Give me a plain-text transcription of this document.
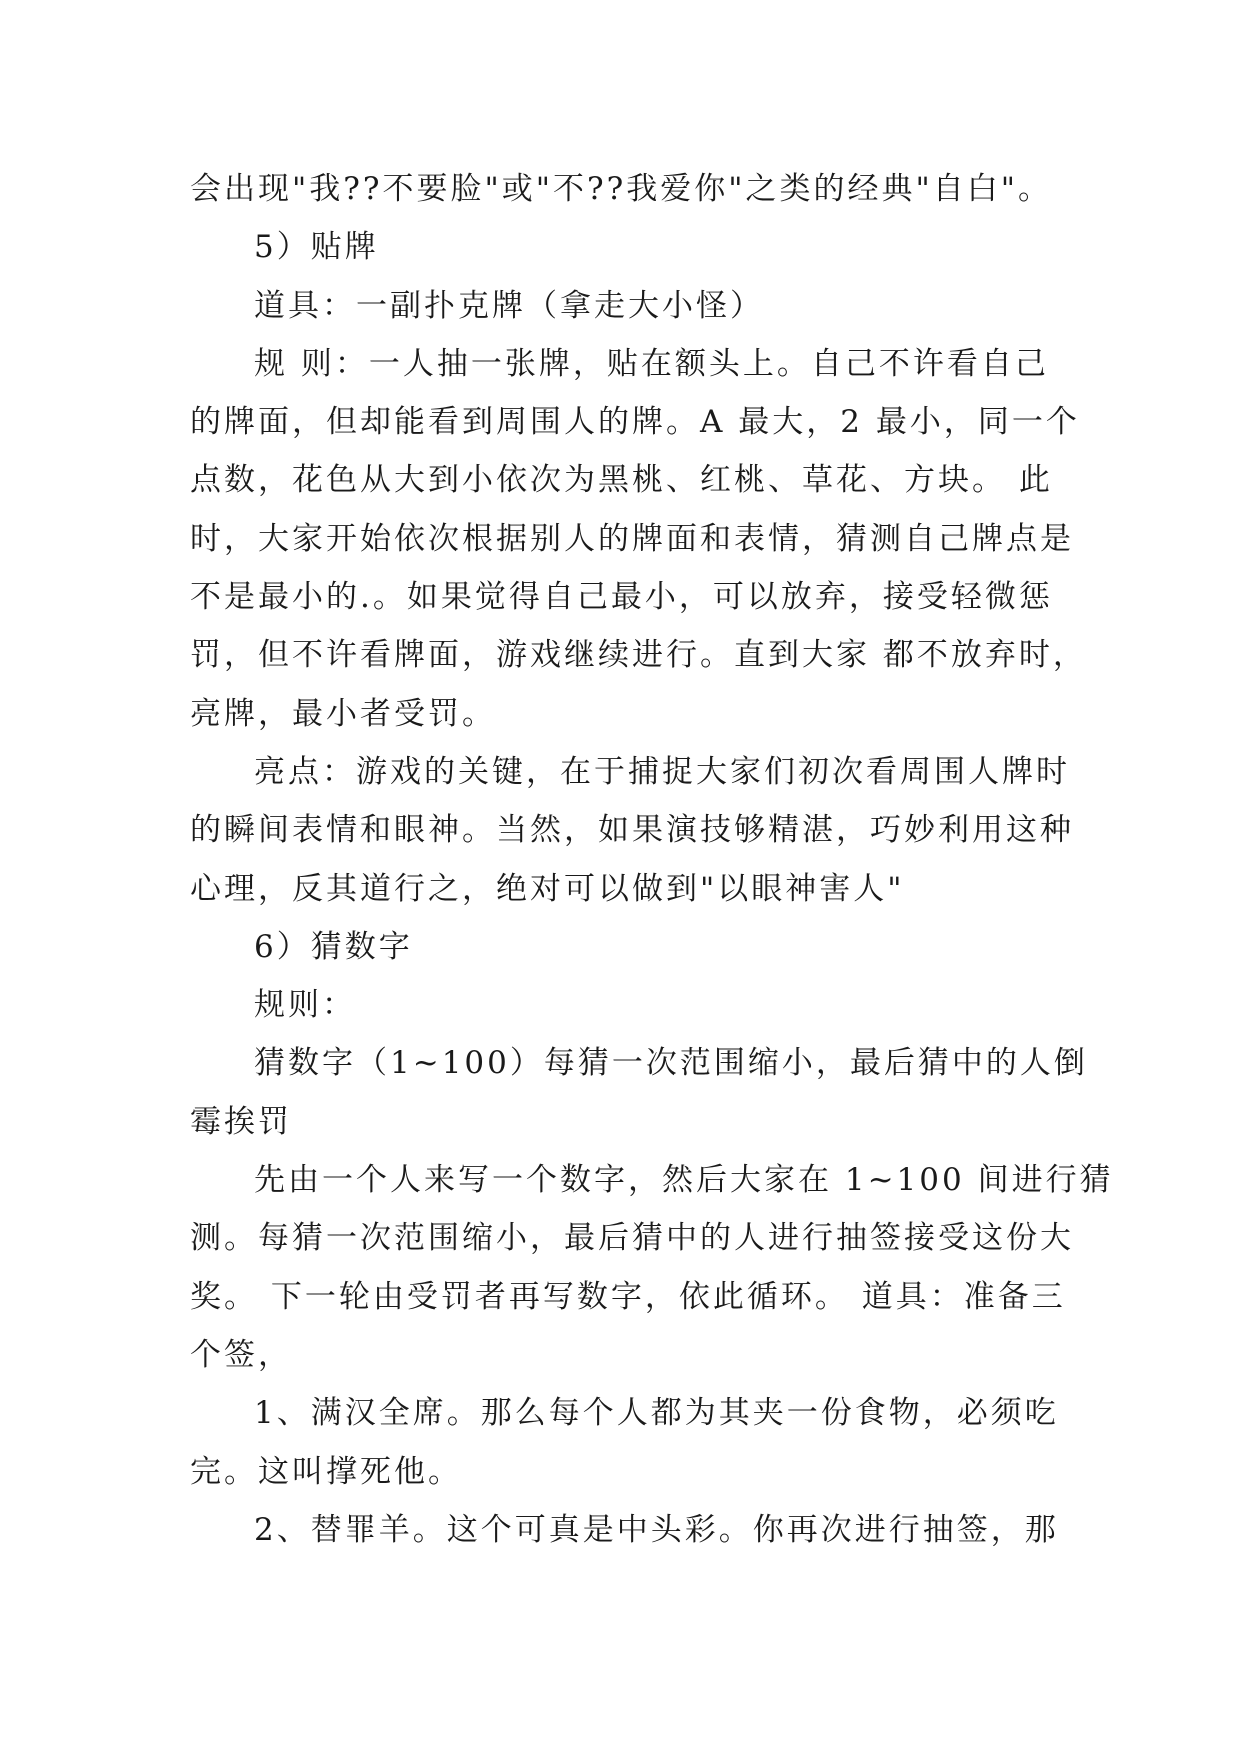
会出现"我??不要脸"或"不??我爱你"之类的经典"自白"。
5）贴牌
道具：一副扑克牌（拿走大小怪）
规 则：一人抽一张牌，贴在额头上。自己不许看自己
的牌面，但却能看到周围人的牌。A 最大，2 最小，同一个
点数，花色从大到小依次为黑桃、红桃、草花、方块。 此
时，大家开始依次根据别人的牌面和表情，猜测自己牌点是
不是最小的.。如果觉得自己最小，可以放弃，接受轻微惩
罚，但不许看牌面，游戏继续进行。直到大家 都不放弃时，
亮牌，最小者受罚。
亮点：游戏的关键，在于捕捉大家们初次看周围人牌时
的瞬间表情和眼神。当然，如果演技够精湛，巧妙利用这种
心理，反其道行之，绝对可以做到"以眼神害人"
6）猜数字
规则：
猜数字（1~100）每猜一次范围缩小，最后猜中的人倒
霉挨罚
先由一个人来写一个数字，然后大家在 1~100 间进行猜
测。每猜一次范围缩小，最后猜中的人进行抽签接受这份大
奖。 下一轮由受罚者再写数字，依此循环。 道具：准备三
个签，
1、满汉全席。那么每个人都为其夹一份食物，必须吃
完。这叫撑死他。
2、替罪羊。这个可真是中头彩。你再次进行抽签，那
